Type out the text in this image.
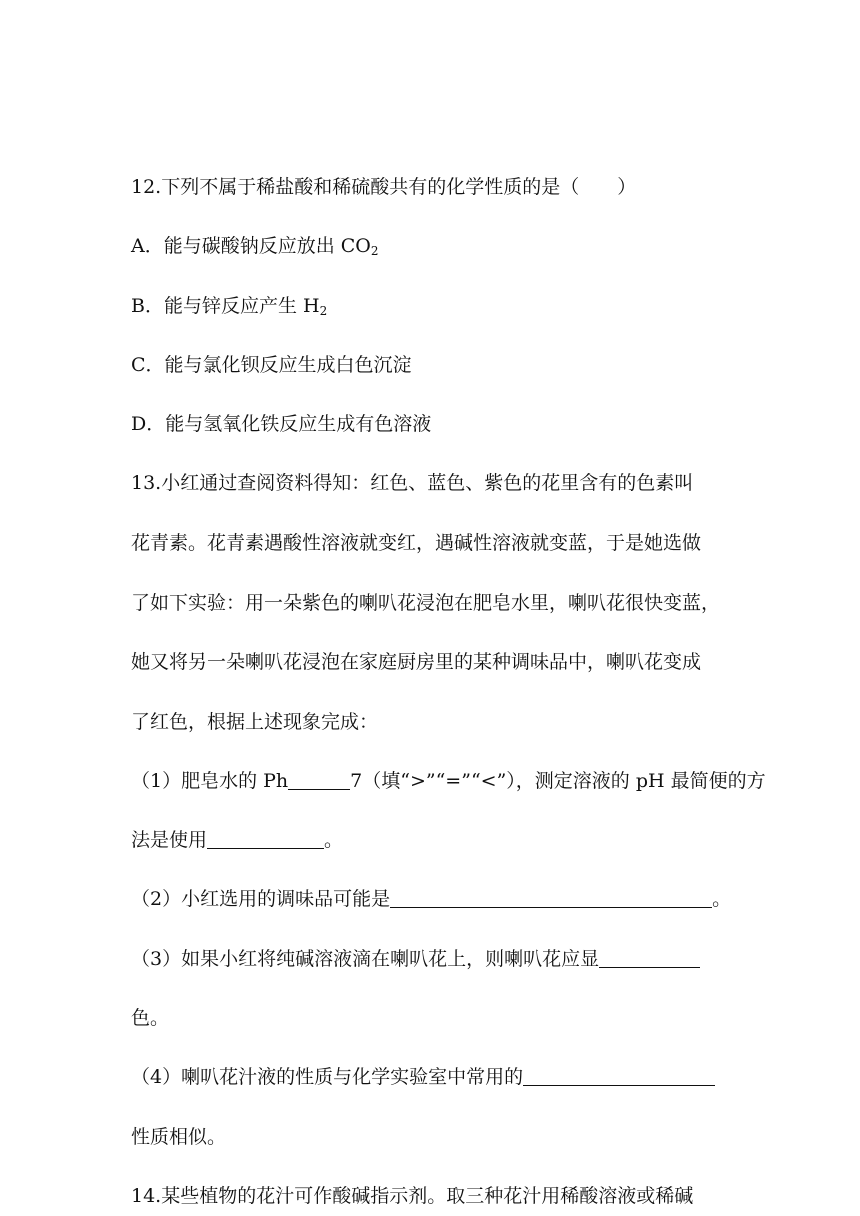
12.下列不属于稀盐酸和稀硫酸共有的化学性质的是（　　）
A．能与碳酸钠反应放出 $CO_2$
B．能与锌反应产生 $H_2$
C．能与氯化钡反应生成白色沉淀
D．能与氢氧化铁反应生成有色溶液
13.小红通过查阅资料得知：红色、蓝色、紫色的花里含有的色素叫
花青素。花青素遇酸性溶液就变红，遇碱性溶液就变蓝，于是她选做
了如下实验：用一朵紫色的喇叭花浸泡在肥皂水里，喇叭花很快变蓝，
她又将另一朵喇叭花浸泡在家庭厨房里的某种调味品中，喇叭花变成
了红色，根据上述现象完成：
（1）肥皂水的 Ph	7（填“>”“=”“<”），测定溶液的 pH 最简便的方
法是使用	。
（2）小红选用的调味品可能是	。
（3）如果小红将纯碱溶液滴在喇叭花上，则喇叭花应显
色。
（4）喇叭花汁液的性质与化学实验室中常用的
性质相似。
14.某些植物的花汁可作酸碱指示剂。取三种花汁用稀酸溶液或稀碱
